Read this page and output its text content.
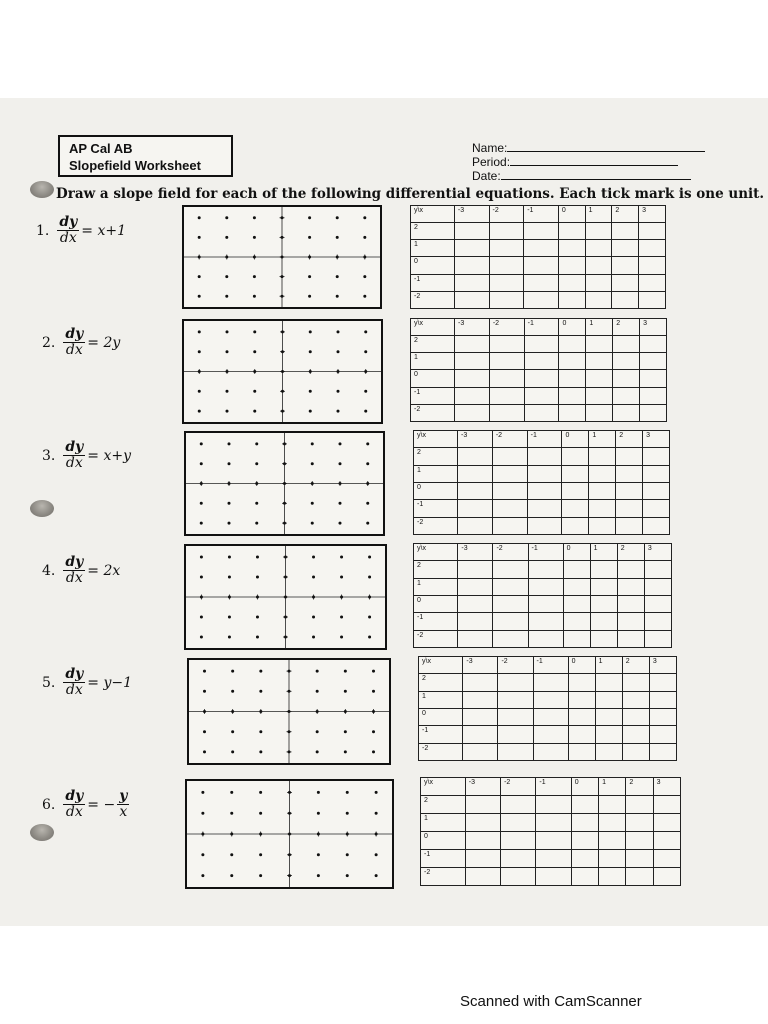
AP Cal AB
Slopefield Worksheet
Name:
Period:
Date:
Draw a slope field for each of the following differential equations. Each tick mark is one unit.
1. $\frac{dy}{dx} = x+1$
y\x	-3	-2	-1	0	1	2	3
2							
1							
0							
-1							
-2							
2. $\frac{dy}{dx} = 2y$
y\x	-3	-2	-1	0	1	2	3
2							
1							
0							
-1							
-2							
3. $\frac{dy}{dx} = x+y$
y\x	-3	-2	-1	0	1	2	3
2							
1							
0							
-1							
-2							
4. $\frac{dy}{dx} = 2x$
y\x	-3	-2	-1	0	1	2	3
2							
1							
0							
-1							
-2							
5. $\frac{dy}{dx} = y-1$
y\x	-3	-2	-1	0	1	2	3
2							
1							
0							
-1							
-2							
6. $\frac{dy}{dx}$ = − $\frac{y}{x}$
y\x	-3	-2	-1	0	1	2	3
2							
1							
0							
-1							
-2							
Scanned with CamScanner
